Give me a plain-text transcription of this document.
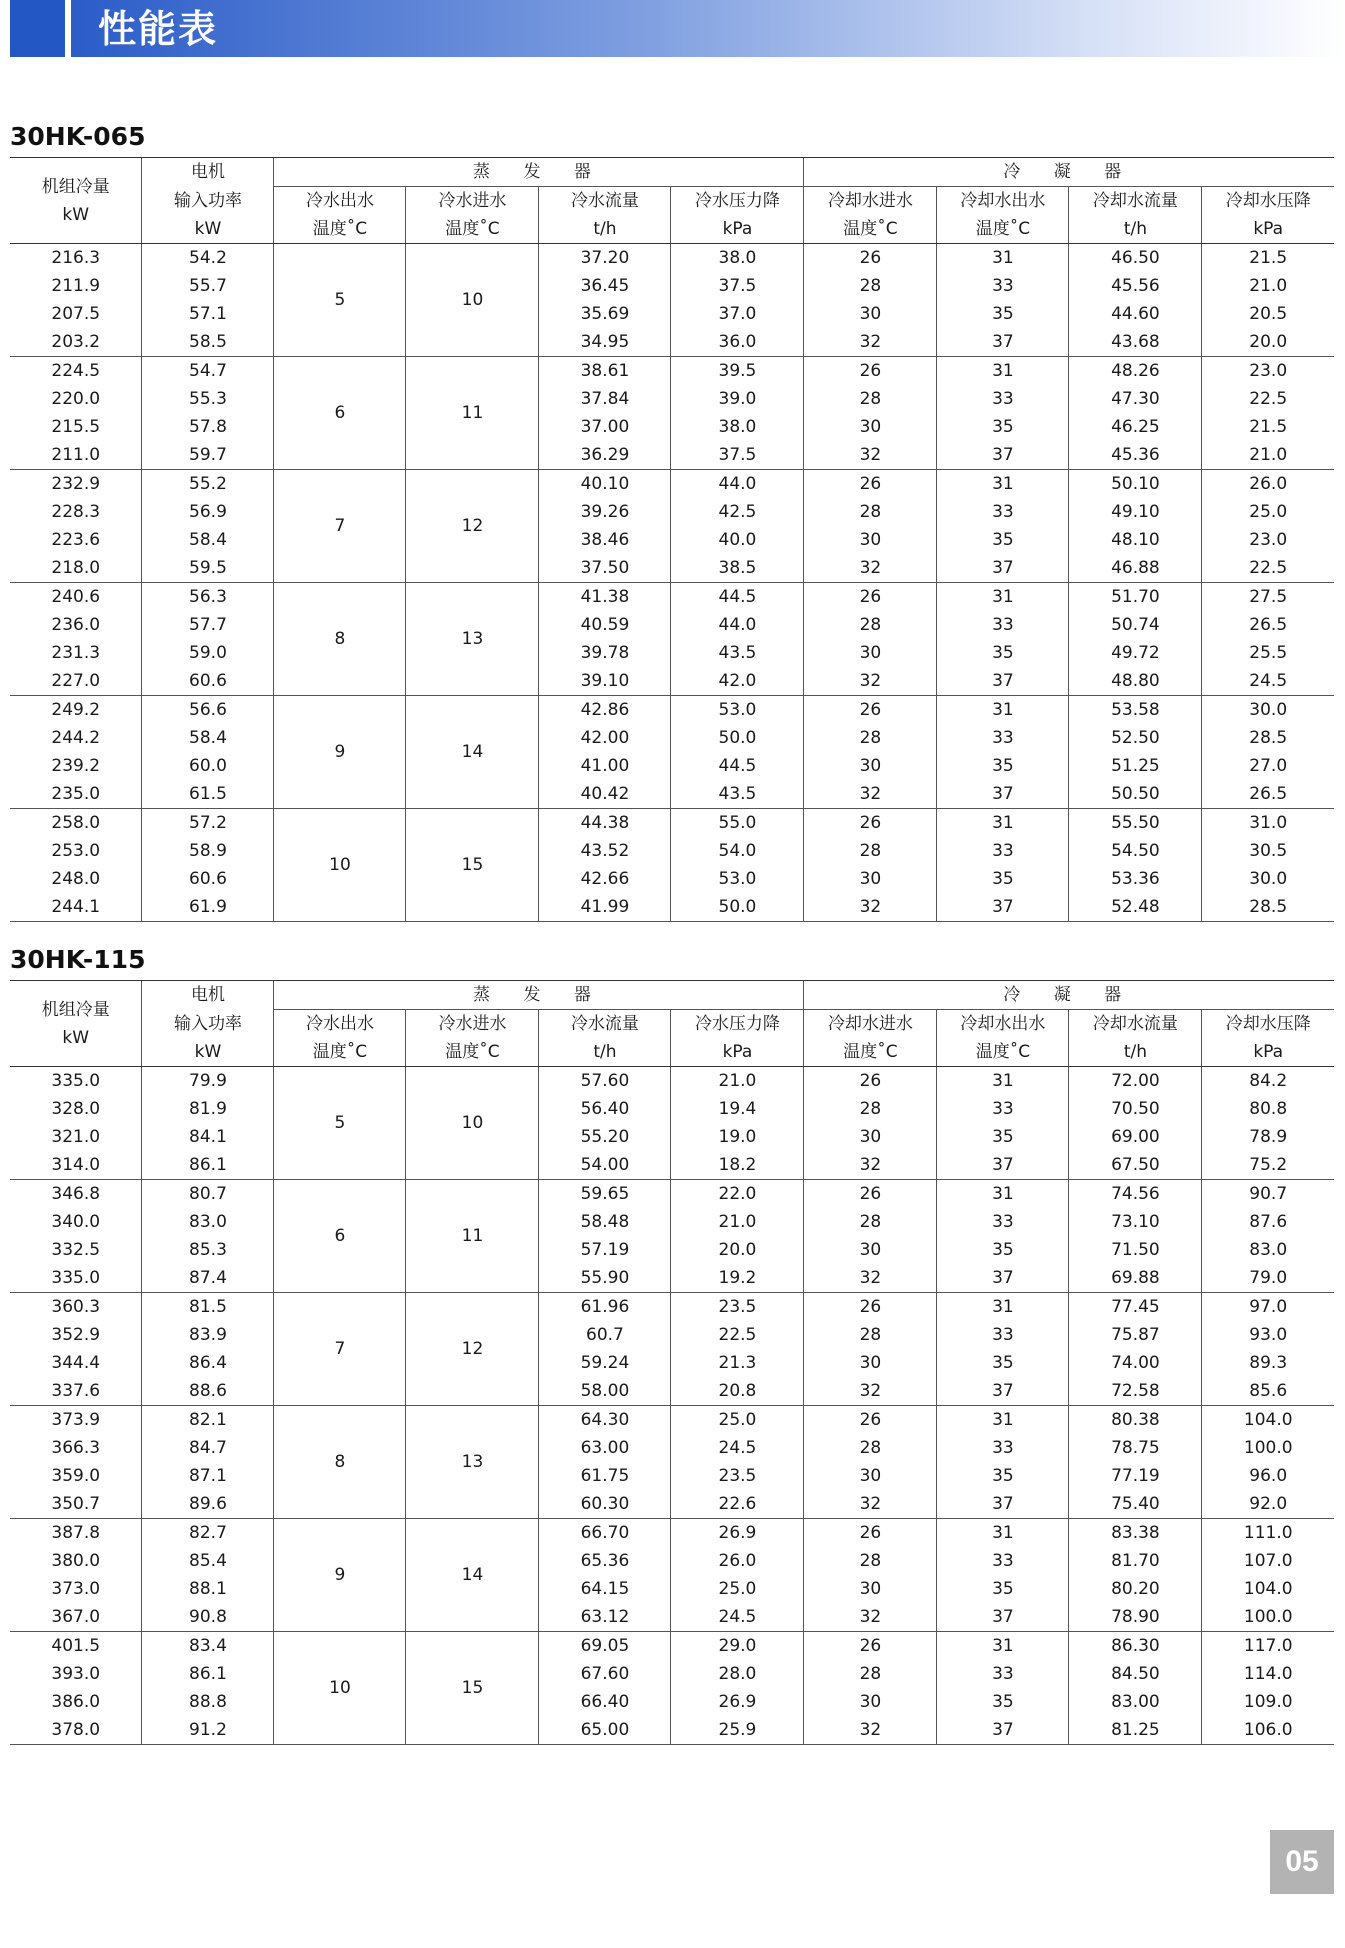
性能表
30HK-065
机组冷量
kW	电机	蒸 发 器				冷 凝 器			
	输入功率	冷水出水	冷水进水	冷水流量	冷水压力降	冷却水进水	冷却水出水	冷却水流量	冷却水压降
	kW	温度˚C	温度˚C	t/h	kPa	温度˚C	温度˚C	t/h	kPa
216.3	54.2	5	10	37.20	38.0	26	31	46.50	21.5
211.9	55.7			36.45	37.5	28	33	45.56	21.0
207.5	57.1			35.69	37.0	30	35	44.60	20.5
203.2	58.5			34.95	36.0	32	37	43.68	20.0
224.5	54.7	6	11	38.61	39.5	26	31	48.26	23.0
220.0	55.3			37.84	39.0	28	33	47.30	22.5
215.5	57.8			37.00	38.0	30	35	46.25	21.5
211.0	59.7			36.29	37.5	32	37	45.36	21.0
232.9	55.2	7	12	40.10	44.0	26	31	50.10	26.0
228.3	56.9			39.26	42.5	28	33	49.10	25.0
223.6	58.4			38.46	40.0	30	35	48.10	23.0
218.0	59.5			37.50	38.5	32	37	46.88	22.5
240.6	56.3	8	13	41.38	44.5	26	31	51.70	27.5
236.0	57.7			40.59	44.0	28	33	50.74	26.5
231.3	59.0			39.78	43.5	30	35	49.72	25.5
227.0	60.6			39.10	42.0	32	37	48.80	24.5
249.2	56.6	9	14	42.86	53.0	26	31	53.58	30.0
244.2	58.4			42.00	50.0	28	33	52.50	28.5
239.2	60.0			41.00	44.5	30	35	51.25	27.0
235.0	61.5			40.42	43.5	32	37	50.50	26.5
258.0	57.2	10	15	44.38	55.0	26	31	55.50	31.0
253.0	58.9			43.52	54.0	28	33	54.50	30.5
248.0	60.6			42.66	53.0	30	35	53.36	30.0
244.1	61.9			41.99	50.0	32	37	52.48	28.5
30HK-115
机组冷量
kW	电机	蒸 发 器				冷 凝 器			
	输入功率	冷水出水	冷水进水	冷水流量	冷水压力降	冷却水进水	冷却水出水	冷却水流量	冷却水压降
	kW	温度˚C	温度˚C	t/h	kPa	温度˚C	温度˚C	t/h	kPa
335.0	79.9	5	10	57.60	21.0	26	31	72.00	84.2
328.0	81.9			56.40	19.4	28	33	70.50	80.8
321.0	84.1			55.20	19.0	30	35	69.00	78.9
314.0	86.1			54.00	18.2	32	37	67.50	75.2
346.8	80.7	6	11	59.65	22.0	26	31	74.56	90.7
340.0	83.0			58.48	21.0	28	33	73.10	87.6
332.5	85.3			57.19	20.0	30	35	71.50	83.0
335.0	87.4			55.90	19.2	32	37	69.88	79.0
360.3	81.5	7	12	61.96	23.5	26	31	77.45	97.0
352.9	83.9			60.7	22.5	28	33	75.87	93.0
344.4	86.4			59.24	21.3	30	35	74.00	89.3
337.6	88.6			58.00	20.8	32	37	72.58	85.6
373.9	82.1	8	13	64.30	25.0	26	31	80.38	104.0
366.3	84.7			63.00	24.5	28	33	78.75	100.0
359.0	87.1			61.75	23.5	30	35	77.19	96.0
350.7	89.6			60.30	22.6	32	37	75.40	92.0
387.8	82.7	9	14	66.70	26.9	26	31	83.38	111.0
380.0	85.4			65.36	26.0	28	33	81.70	107.0
373.0	88.1			64.15	25.0	30	35	80.20	104.0
367.0	90.8			63.12	24.5	32	37	78.90	100.0
401.5	83.4	10	15	69.05	29.0	26	31	86.30	117.0
393.0	86.1			67.60	28.0	28	33	84.50	114.0
386.0	88.8			66.40	26.9	30	35	83.00	109.0
378.0	91.2			65.00	25.9	32	37	81.25	106.0
05
